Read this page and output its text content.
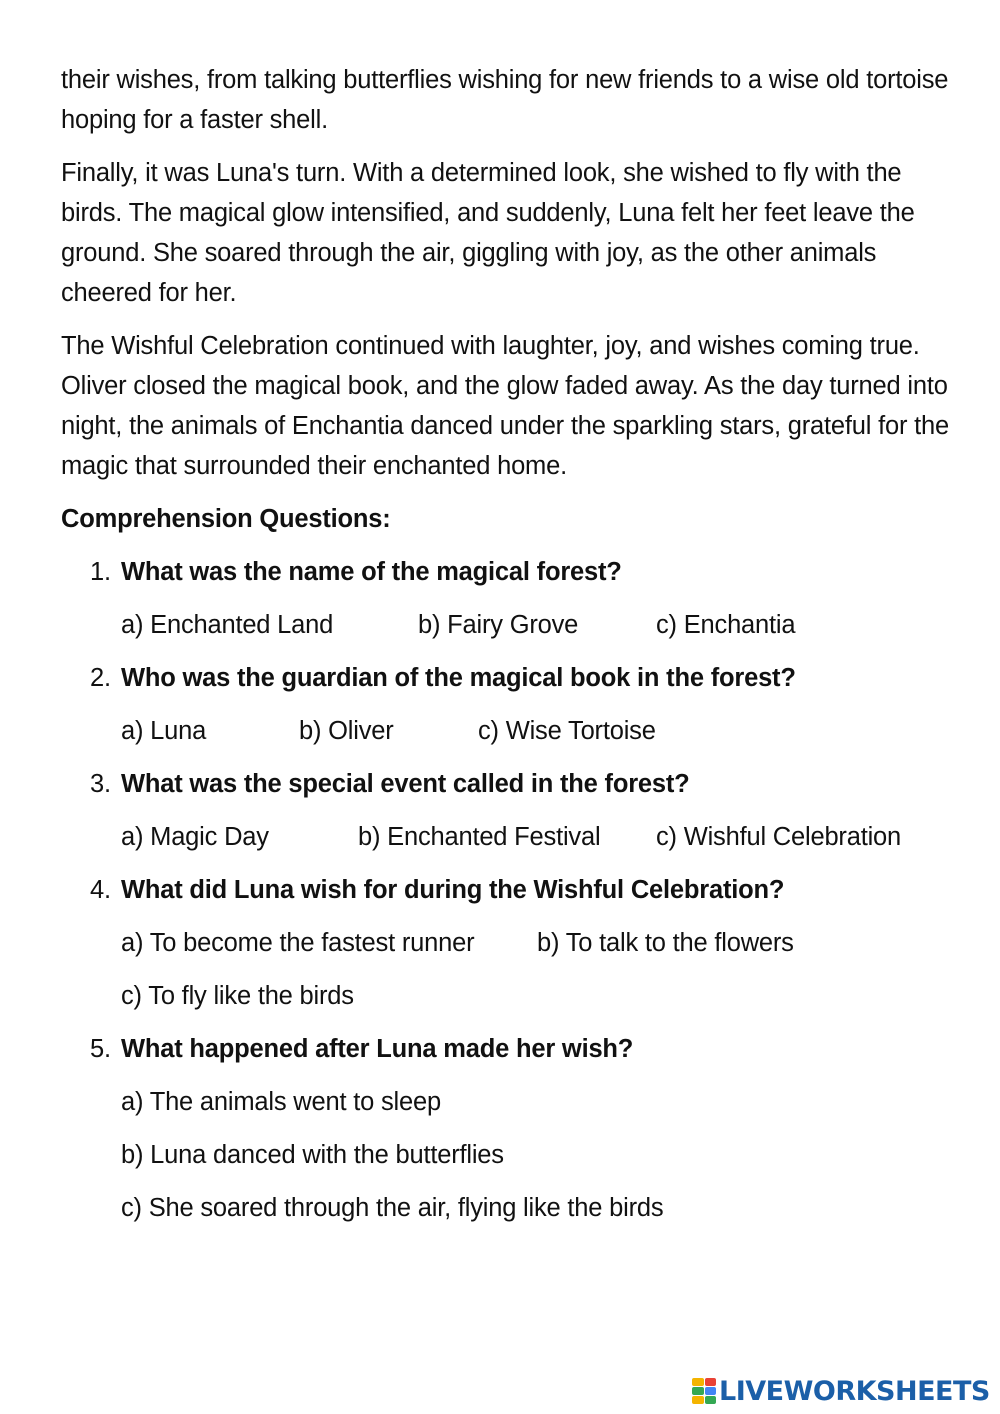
their wishes, from talking butterflies wishing for new friends to a wise old tortoise hoping for a faster shell.

Finally, it was Luna's turn. With a determined look, she wished to fly with the birds. The magical glow intensified, and suddenly, Luna felt her feet leave the ground. She soared through the air, giggling with joy, as the other animals cheered for her.

The Wishful Celebration continued with laughter, joy, and wishes coming true. Oliver closed the magical book, and the glow faded away. As the day turned into night, the animals of Enchantia danced under the sparkling stars, grateful for the magic that surrounded their enchanted home.

Comprehension Questions:
1. What was the name of the magical forest?
a) Enchanted Land	b) Fairy Grove	c) Enchantia
2. Who was the guardian of the magical book in the forest?
a) Luna	b) Oliver	c) Wise Tortoise
3. What was the special event called in the forest?
a) Magic Day	b) Enchanted Festival c) Wishful Celebration
4. What did Luna wish for during the Wishful Celebration?
a) To become the fastest runner b) To talk to the flowers
c) To fly like the birds
5. What happened after Luna made her wish?
a) The animals went to sleep
b) Luna danced with the butterflies
c) She soared through the air, flying like the birds
LIVEWORKSHEETS
